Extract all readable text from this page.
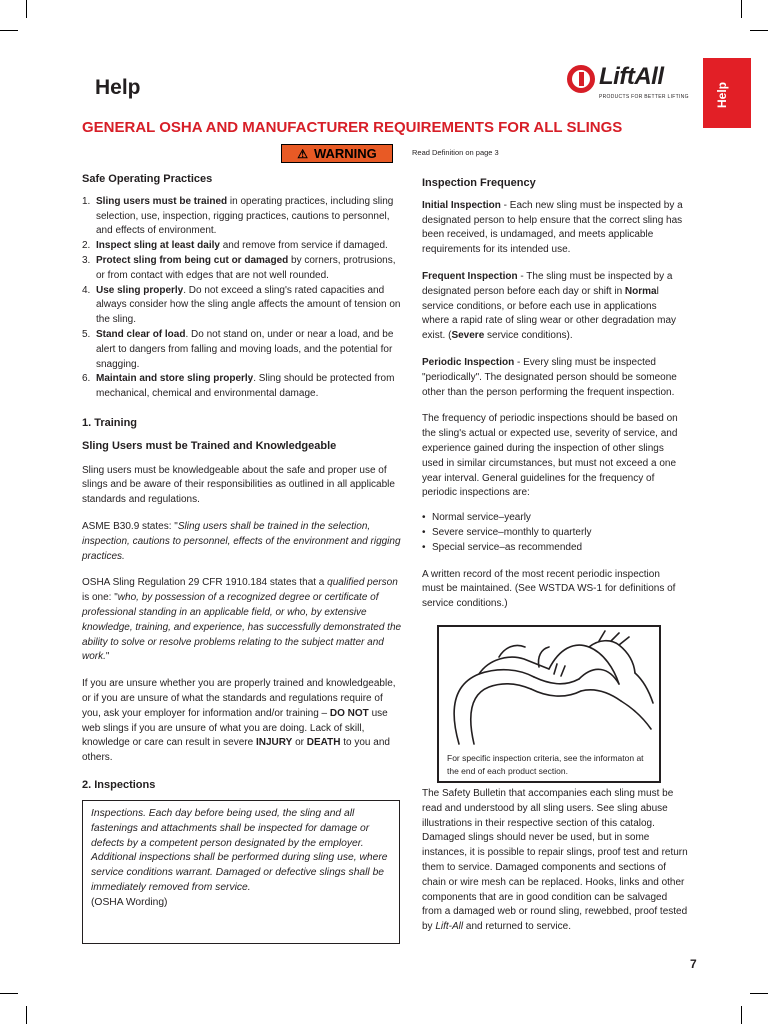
Help	LiftAll
PRODUCTS FOR BETTER LIFTING Help
GENERAL OSHA AND MANUFACTURER REQUIREMENTS FOR ALL SLINGS
⚠ WARNING	Read Definition on page 3

Safe Operating Practices

1. Sling users must be trained in operating practices, including sling selection, use, inspection, rigging practices, cautions to personnel, and effects of environment.
2. Inspect sling at least daily and remove from service if damaged.
3. Protect sling from being cut or damaged by corners, protrusions, or from contact with edges that are not well rounded.
4. Use sling properly. Do not exceed a sling's rated capacities and always consider how the sling angle affects the amount of tension on the sling.
5. Stand clear of load. Do not stand on, under or near a load, and be alert to dangers from falling and moving loads, and the potential for snagging.
6. Maintain and store sling properly. Sling should be protected from mechanical, chemical and environmental damage.

1. Training

Sling Users must be Trained and Knowledgeable

Sling users must be knowledgeable about the safe and proper use of slings and be aware of their responsibilities as outlined in all applicable standards and regulations.

ASME B30.9 states: "Sling users shall be trained in the selection, inspection, cautions to personnel, effects of the environment and rigging practices.

OSHA Sling Regulation 29 CFR 1910.184 states that a qualified person is one: "who, by possession of a recognized degree or certificate of professional standing in an applicable field, or who, by extensive knowledge, training, and experience, has successfully demonstrated the ability to solve or resolve problems relating to the subject matter and work."

If you are unsure whether you are properly trained and knowledgeable, or if you are unsure of what the standards and regulations require of you, ask your employer for information and/or training – DO NOT use web slings if you are unsure of what you are doing. Lack of skill, knowledge or care can result in severe INJURY or DEATH to you and others.

2. Inspections

Inspections. Each day before being used, the sling and all fastenings and attachments shall be inspected for damage or defects by a competent person designated by the employer. Additional inspections shall be performed during sling use, where service conditions warrant. Damaged or defective slings shall be immediately removed from service.
(OSHA Wording)

Inspection Frequency

Initial Inspection - Each new sling must be inspected by a designated person to help ensure that the correct sling has been received, is undamaged, and meets applicable requirements for its intended use.

Frequent Inspection - The sling must be inspected by a designated person before each day or shift in Normal service conditions, or before each use in applications where a rapid rate of sling wear or other degradation may exist. (Severe service conditions).

Periodic Inspection - Every sling must be inspected "periodically". The designated person should be someone other than the person performing the frequent inspection.

The frequency of periodic inspections should be based on the sling's actual or expected use, severity of service, and experience gained during the inspection of other slings used in similar circumstances, but must not exceed a one year interval. General guidelines for the frequency of periodic inspections are:

• Normal service–yearly
• Severe service–monthly to quarterly
• Special service–as recommended

A written record of the most recent periodic inspection must be maintained. (See WSTDA WS-1 for definitions of service conditions.)

For specific inspection criteria, see the informaton at the end of each product section.

The Safety Bulletin that accompanies each sling must be read and understood by all sling users. See sling abuse illustrations in their respective section of this catalog. Damaged slings should never be used, but in some instances, it is possible to repair slings, proof test and return them to service. Damaged components and sections of chain or wire mesh can be replaced. Hooks, links and other components that are in good condition can be salvaged from a damaged web or round sling, rewebbed, proof tested by Lift-All and returned to service.

7
